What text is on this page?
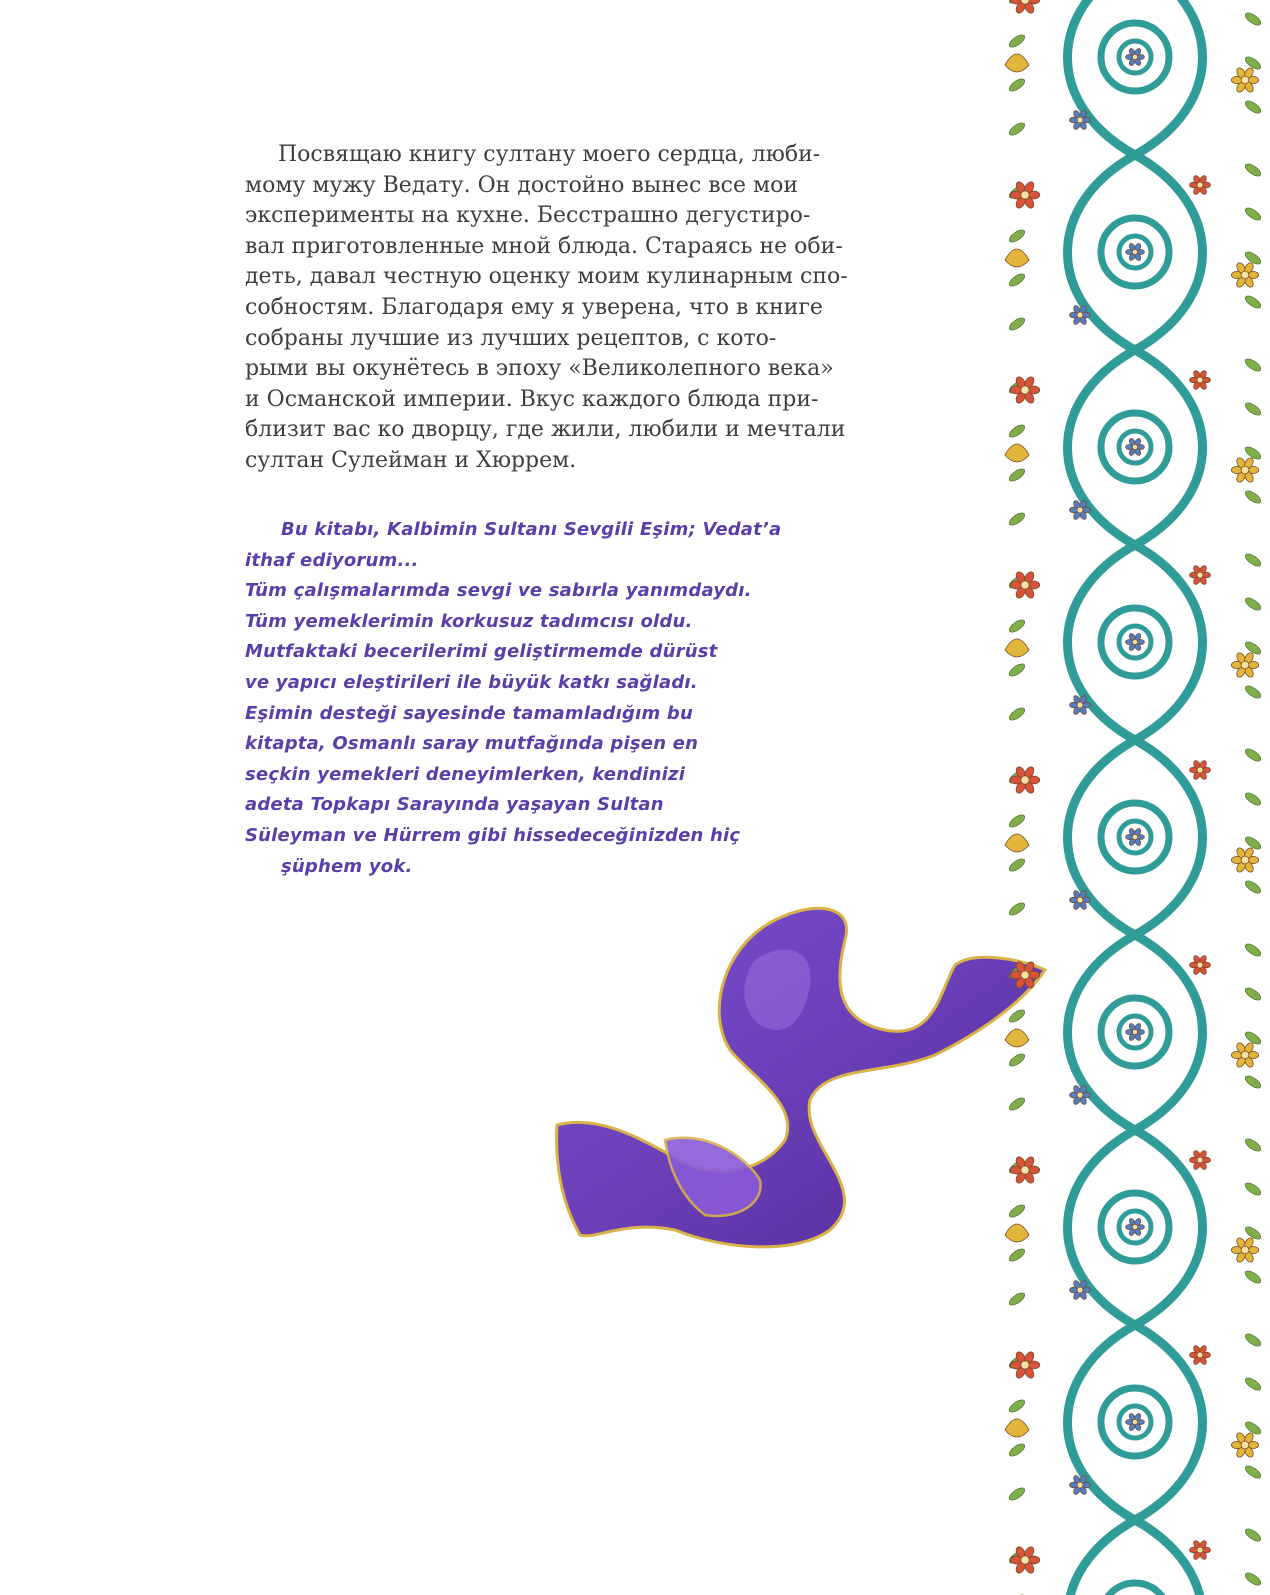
Посвящаю книгу султану моего сердца, люби-
мому мужу Ведату. Он достойно вынес все мои
эксперименты на кухне. Бесстрашно дегустиро-
вал приготовленные мной блюда. Стараясь не оби-
деть, давал честную оценку моим кулинарным спо-
собностям. Благодаря ему я уверена, что в книге
собраны лучшие из лучших рецептов, с кото-
рыми вы окунётесь в эпоху «Великолепного века»
и Османской империи. Вкус каждого блюда при-
близит вас ко дворцу, где жили, любили и мечтали
султан Сулейман и Хюррем.
Bu kitabı, Kalbimin Sultanı Sevgili Eşim; Vedat’a
ithaf ediyorum...
Tüm çalışmalarımda sevgi ve sabırla yanımdaydı.
Tüm yemeklerimin korkusuz tadımcısı oldu.
Mutfaktaki becerilerimi geliştirmemde dürüst
ve yapıcı eleştirileri ile büyük katkı sağladı.
Eşimin desteği sayesinde tamamladığım bu
kitapta, Osmanlı saray mutfağında pişen en
seçkin yemekleri deneyimlerken, kendinizi
adeta Topkapı Sarayında yaşayan Sultan
Süleyman ve Hürrem gibi hissedeceğinizden hiç
şüphem yok.
